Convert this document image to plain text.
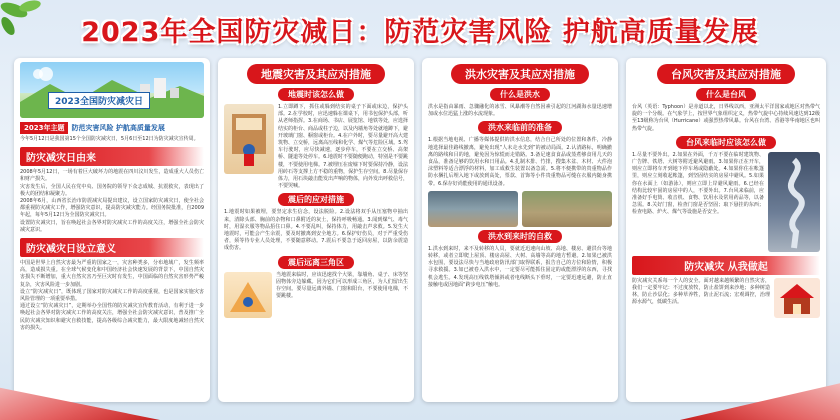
2023年全国防灾减日：防范灾害风险 护航高质量发展
2023全国防灾减灾日
2023年主题	防范灾害风险 护航高质量发展

今年5月12日是我国第15个全国防灾减灾日，5月6日至12日为防灾减灾宣传周。

防灾减灾日由来

2008年5月12日，一场有着巨大破坏力的地震在四川汶川发生，造成重大人员伤亡和财产损失。

灾害发生后，全国人民在党中央、国务院的领导下众志成城、抗震救灾，表现出了极大的团结和凝聚力。

2008年6月，山西省长治市防震减灾局提出建议，设立国家防灾减灾日，使全社会都重视防灾减灾工作，增强防灾意识，提高防灾减灾能力。经国务院批准，自2009年起，每年5月12日为全国防灾减灾日。

设置防灾减灾日，旨在唤起社会各界对防灾减灾工作的高度关注，增强全社会防灾减灾意识。

防灾减灾日设立意义

中国是世界上自然灾害最为严重的国家之一，灾害种类多，分布地域广，发生频率高，造成损失重。在全球气候变化和中国经济社会快速发展的背景下，中国自然灾害损失不断增加，重大自然灾害乃至巨灾时有发生，中国面临的自然灾害形势严峻复杂，灾害风险进一步加剧。

设立“防灾减灾日”，既体现了国家对防灾减灾工作的高度重视，也是国家实施灾害风险管理的一项重要举措。

通过设立“防灾减灾日”，定期举办全国性的防灾减灾宣传教育活动，有利于进一步唤起社会各界对防灾减灾工作的高度关注，增强全社会防灾减灾意识，普及推广全民防灾减灾知识和避灾自救技能，提高各级综合减灾能力，最大限度地减轻自然灾害的损失。

地震灾害及其应对措施
地震时该怎么做

1.立即蹲下，抓住或躲到结实的桌子下面或床边，保护头部。2.在学校时，应迅速躲在课桌下，用书包保护头部，听从老师指挥。3.在商场、书店、展览馆、地铁等处，应选择结实的柜台、商品或柱子边，以及内墙角等处就地蹲下，避开玻璃门窗、橱窗或柜台。4.在户外时，要尽量避开高大建筑物、立交桥，远离高压线和化学、煤气等危险区域。5.驾车行驶时，应尽快减速，逐步停车，不要在立交桥、高架桥、隧道等处停车。6.地震时不要随便跑动，特别是不要跳楼，不要使用电梯。7.被埋压在废墟下时要保持冷静，设法用砖石等支撑上方不稳的重物，保护生存空间。8.尽量保存体力，用石块敲击能发出声响的物体，向外发出呼救信号，不要哭喊。

震后的应对措施

1.地震时如果被埋，要坚定求生信念，设法脱险。2.设法将双手从压塞物中抽出来，清除头部、胸前的杂物和口鼻附近的灰土，保持呼吸畅通。3.闻到煤气、毒气时，用湿衣服等物品捂住口鼻。4.不要乱叫，保持体力，用敲击声求救。5.发生大地震时，可能会产生余震，要及时撤离到安全地方。6.保护好伤员，对于严重受伤者，须等待专业人员处理，不要随意移动。7.震后不要急于返回房屋，以防余震造成伤害。

震后远离三角区

当地震来临时，应该迅速找个大梁，靠墙角、桌子、床等坚固物体旁边躲藏。因为它们可以形成三角区，为人们留出生存空间。要尽量远离外墙、门窗和阳台，不要使用电梯，不要跳楼。

洪水灾害及其应对措施
什么是洪水

洪水是指由暴雨、急骤融化的冰雪、风暴潮等自然因素引起的江河湖海水量迅速增加或水位迅猛上涨的水流现象。

洪水来临前的准备

1.根据当地电视、广播等媒体提供的洪水信息，结合自己所处的位置和条件，冷静地选择最佳路线撤离，避免出现“人未走水先到”的被动局面。2.认清路标，明确撤离的路线和目的地，避免因为惊慌而走错路。3.备足速食食品或蒸煮够食用几天的食品，准备足够的饮用水和日用品。4.扎制木排、竹排，搜集木盆、木材、大件泡沫塑料等适合漂浮的材料，加工成救生装置以备急需。5.将不便携带的贵重物品作防水捆扎后埋入地下或放到高处，票款、首饰等小件贵重物品可缝在衣服内随身携带。6.保存好尚能使用的通讯设备。

洪水到来时的自救

1.洪水到来时，来不及转移的人员，要就近迅速向山坡、高地、楼房、避洪台等地转移，或者立即爬上屋顶、楼房高屋、大树、高墙等高的地方暂避。2.如果已被洪水包围，要设法尽快与当地政府防汛部门取得联系，报告自己的方位和险情，积极寻求救援。3.如已被卷入洪水中，一定要尽可能抓住固定的或能漂浮的东西，寻找机会逃生。4.发现高压线铁塔倾斜或者电线断头下垂时，一定要迅速远避，防止直接触电或因地面“跨步电压”触电。

台风灾害及其应对措施
什么是台风

台风（英语：Typhoon）是赤道以北，日界线以西，亚洲太平洋国家或地区对热带气旋的一个分级。在气象学上，按世界气象组织定义，热带气旋中心持续风速达到12级至13级称为台风（Hurricane）或强烈热带风暴。台风在台湾、香港等华南地区也叫热带气旋。

台风来临时应该怎么做

1.尽量不要外出。2.如果在外面，千万不要在临时建筑物、广告牌、铁塔、大树等附近避风避雨。3.如果你正在开车，则应立即将车开到地下停车场或隐蔽处。4.如果你住在帐篷里，则应立刻收起帐篷，到坚固结实的房屋中避风。5.如果你在水面上（如游泳），则应立即上岸避风避雨。6.已经在结构比较牢固的房屋中的人，不要外出。7.台风来临前，应准备好手电筒、收音机、食物、饮用水及常用药品等，以备急需。8.关好门窗，检查门窗是否坚固；取下悬挂的东西；检查电路、炉火、煤气等设施是否安全。

防灾减灾 从我做起

防灾减灾关系每一个人的安全。面对越来越频繁的自然灾害，我们一定要牢记：不过度放牧，防止盐饼到来沙地；多种树造林，防止沙层化；多种草养牲，防止泥石流；宏观调控，治理源水源气，低碳生活。
